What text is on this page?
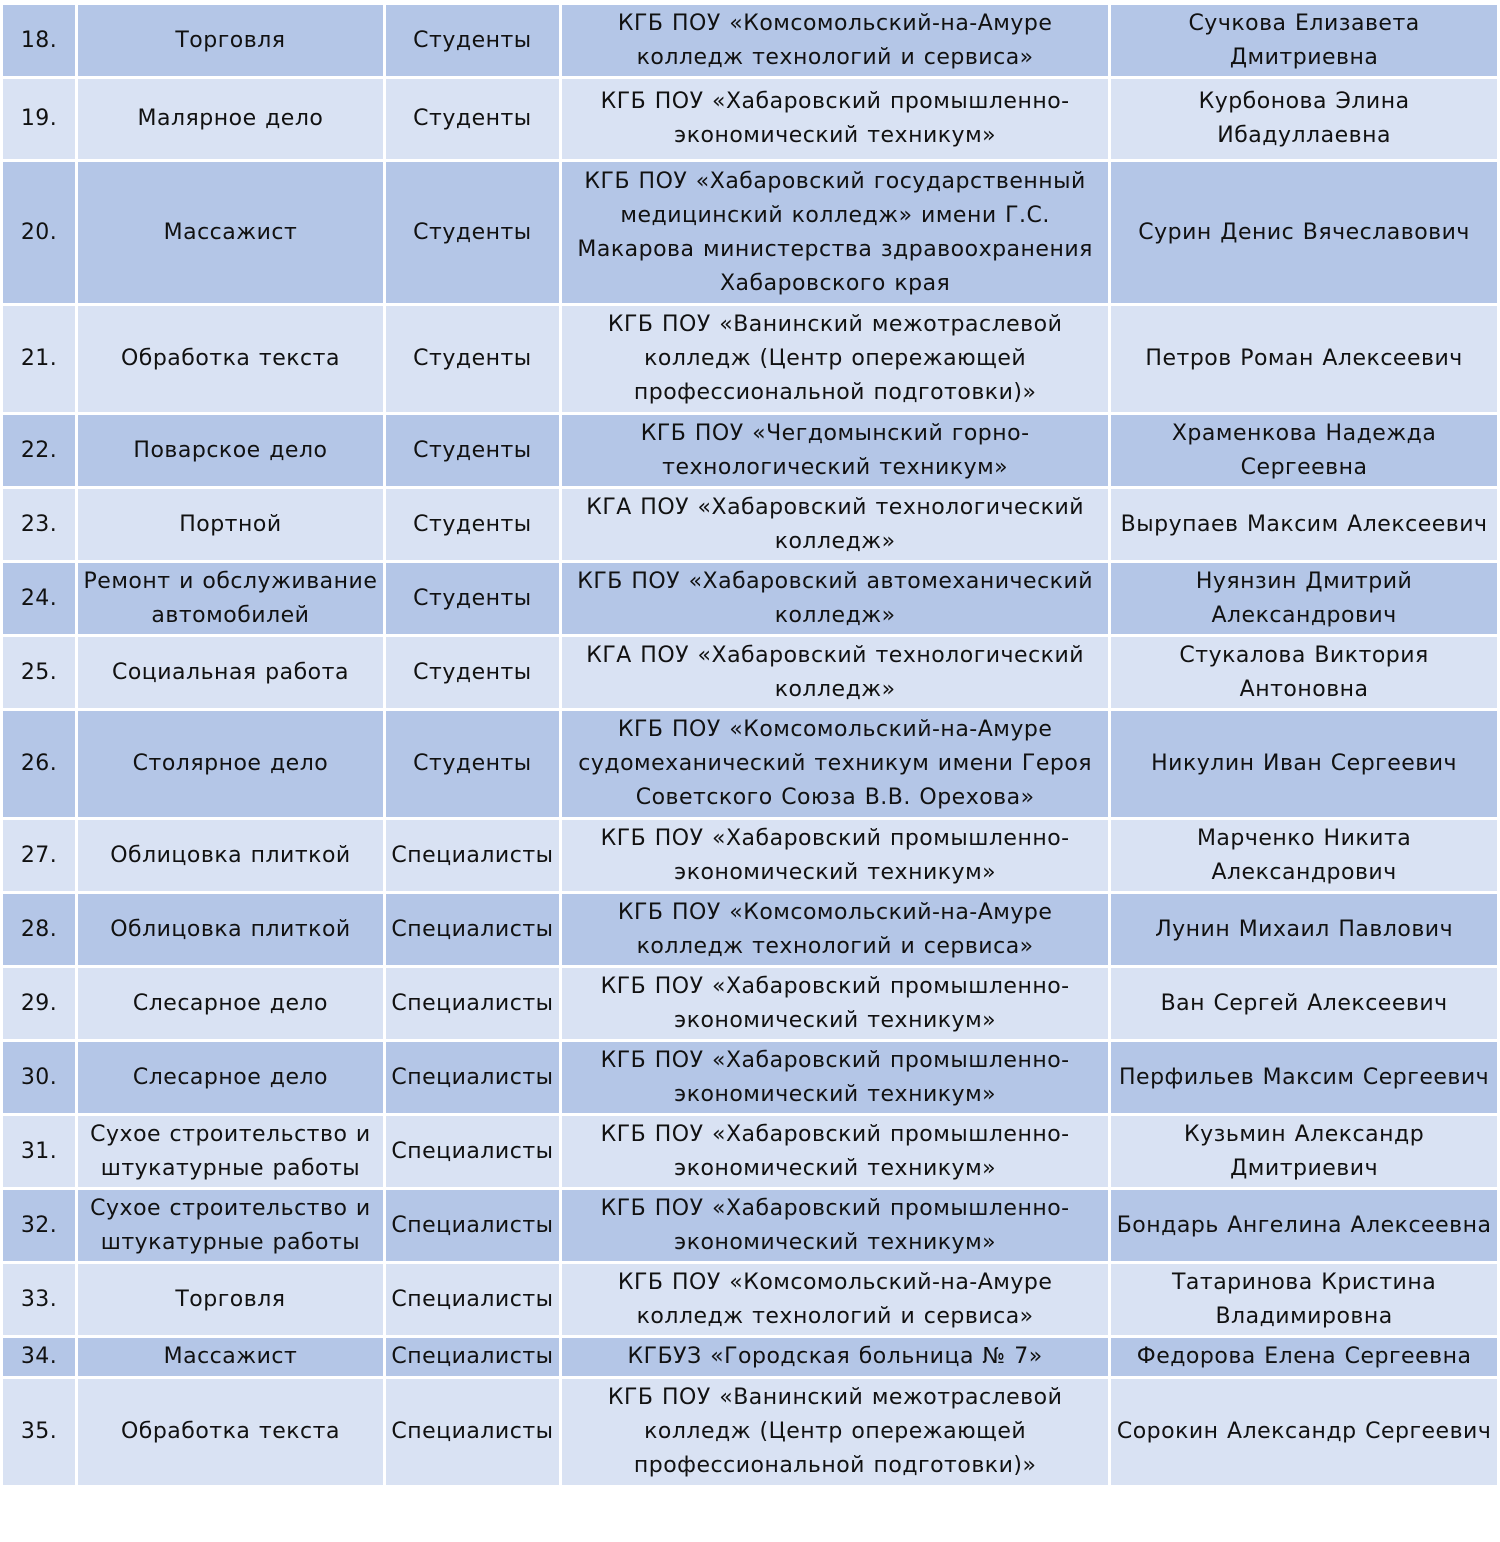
18.	Торговля	Студенты	КГБ ПОУ «Комсомольский-на-Амуре колледж технологий и сервиса»	Сучкова Елизавета Дмитриевна
19.	Малярное дело	Студенты	КГБ ПОУ «Хабаровский промышленно-экономический техникум»	Курбонова Элина Ибадуллаевна
20.	Массажист	Студенты	КГБ ПОУ «Хабаровский государственный медицинский колледж» имени Г.С. Макарова министерства здравоохранения Хабаровского края	Сурин Денис Вячеславович
21.	Обработка текста	Студенты	КГБ ПОУ «Ванинский межотраслевой колледж (Центр опережающей профессиональной подготовки)»	Петров Роман Алексеевич
22.	Поварское дело	Студенты	КГБ ПОУ «Чегдомынский горно-технологический техникум»	Храменкова Надежда Сергеевна
23.	Портной	Студенты	КГА ПОУ «Хабаровский технологический колледж»	Вырупаев Максим Алексеевич
24.	Ремонт и обслуживание автомобилей	Студенты	КГБ ПОУ «Хабаровский автомеханический колледж»	Нуянзин Дмитрий Александрович
25.	Социальная работа	Студенты	КГА ПОУ «Хабаровский технологический колледж»	Стукалова Виктория Антоновна
26.	Столярное дело	Студенты	КГБ ПОУ «Комсомольский-на-Амуре судомеханический техникум имени Героя Советского Союза В.В. Орехова»	Никулин Иван Сергеевич
27.	Облицовка плиткой	Специалисты	КГБ ПОУ «Хабаровский промышленно-экономический техникум»	Марченко Никита Александрович
28.	Облицовка плиткой	Специалисты	КГБ ПОУ «Комсомольский-на-Амуре колледж технологий и сервиса»	Лунин Михаил Павлович
29.	Слесарное дело	Специалисты	КГБ ПОУ «Хабаровский промышленно-экономический техникум»	Ван Сергей Алексеевич
30.	Слесарное дело	Специалисты	КГБ ПОУ «Хабаровский промышленно-экономический техникум»	Перфильев Максим Сергеевич
31.	Сухое строительство и штукатурные работы	Специалисты	КГБ ПОУ «Хабаровский промышленно-экономический техникум»	Кузьмин Александр Дмитриевич
32.	Сухое строительство и штукатурные работы	Специалисты	КГБ ПОУ «Хабаровский промышленно-экономический техникум»	Бондарь Ангелина Алексеевна
33.	Торговля	Специалисты	КГБ ПОУ «Комсомольский-на-Амуре колледж технологий и сервиса»	Татаринова Кристина Владимировна
34.	Массажист	Специалисты	КГБУЗ «Городская больница № 7»	Федорова Елена Сергеевна
35.	Обработка текста	Специалисты	КГБ ПОУ «Ванинский межотраслевой колледж (Центр опережающей профессиональной подготовки)»	Сорокин Александр Сергеевич
